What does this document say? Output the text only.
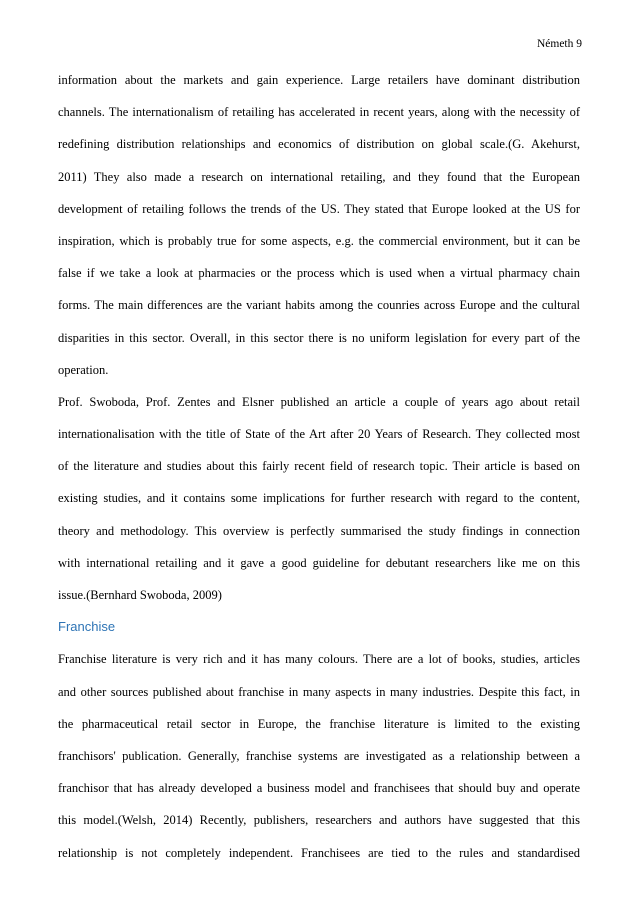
Németh 9
information about the markets and gain experience. Large retailers have dominant distribution
channels. The internationalism of retailing has accelerated in recent years, along with the necessity of
redefining distribution relationships and economics of distribution on global scale.(G. Akehurst,
2011) They also made a research on international retailing, and they found that the European
development of retailing follows the trends of the US. They stated that Europe looked at the US for
inspiration, which is probably true for some aspects, e.g. the commercial environment, but it can be
false if we take a look at pharmacies or the process which is used when a virtual pharmacy chain
forms. The main differences are the variant habits among the counries across Europe and the cultural
disparities in this sector. Overall, in this sector there is no uniform legislation for every part of the
operation.
Prof. Swoboda, Prof. Zentes and Elsner published an article a couple of years ago about retail
internationalisation with the title of State of the Art after 20 Years of Research. They collected most
of the literature and studies about this fairly recent field of research topic. Their article is based on
existing studies, and it contains some implications for further research with regard to the content,
theory and methodology. This overview is perfectly summarised the study findings in connection
with international retailing and it gave a good guideline for debutant researchers like me on this
issue.(Bernhard Swoboda, 2009)
Franchise
Franchise literature is very rich and it has many colours. There are a lot of books, studies, articles
and other sources published about franchise in many aspects in many industries. Despite this fact, in
the pharmaceutical retail sector in Europe, the franchise literature is limited to the existing
franchisors' publication. Generally, franchise systems are investigated as a relationship between a
franchisor that has already developed a business model and franchisees that should buy and operate
this model.(Welsh, 2014) Recently, publishers, researchers and authors have suggested that this
relationship is not completely independent. Franchisees are tied to the rules and standardised
